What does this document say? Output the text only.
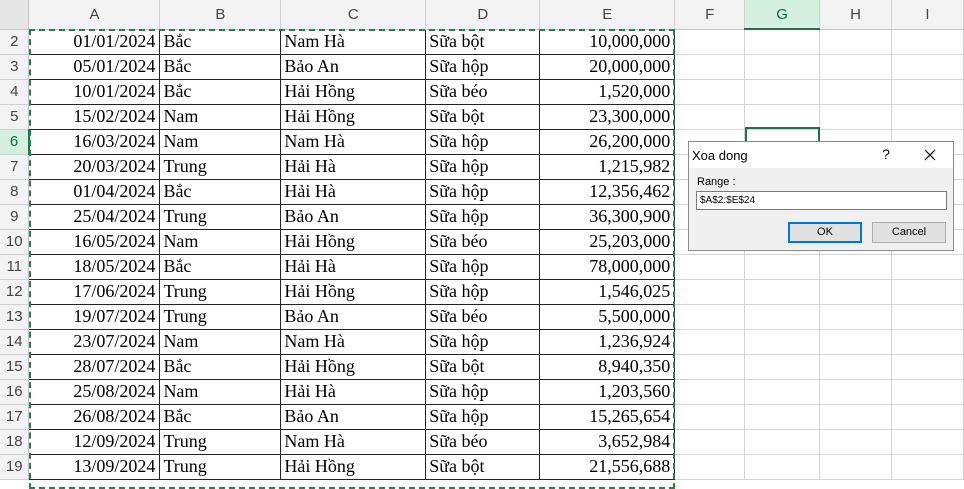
	A	B	C	D	E	F	G	H	I
2	01/01/2024	Bắc	Nam Hà	Sữa bột	10,000,000				
3	05/01/2024	Bắc	Bảo An	Sữa hộp	20,000,000				
4	10/01/2024	Bắc	Hải Hồng	Sữa béo	1,520,000				
5	15/02/2024	Nam	Hải Hồng	Sữa bột	23,300,000				
6	16/03/2024	Nam	Nam Hà	Sữa hộp	26,200,000				
7	20/03/2024	Trung	Hải Hà	Sữa hộp	1,215,982				
8	01/04/2024	Bắc	Hải Hà	Sữa hộp	12,356,462				
9	25/04/2024	Trung	Bảo An	Sữa hộp	36,300,900				
10	16/05/2024	Nam	Hải Hồng	Sữa béo	25,203,000				
11	18/05/2024	Bắc	Hải Hà	Sữa hộp	78,000,000				
12	17/06/2024	Trung	Hải Hồng	Sữa hộp	1,546,025				
13	19/07/2024	Trung	Bảo An	Sữa béo	5,500,000				
14	23/07/2024	Nam	Nam Hà	Sữa hộp	1,236,924				
15	28/07/2024	Bắc	Hải Hồng	Sữa bột	8,940,350				
16	25/08/2024	Nam	Hải Hà	Sữa hộp	1,203,560				
17	26/08/2024	Bắc	Bảo An	Sữa hộp	15,265,654				
18	12/09/2024	Trung	Nam Hà	Sữa béo	3,652,984				
19	13/09/2024	Trung	Hải Hồng	Sữa bột	21,556,688				
Xoa dong	?
Range :
$A$2:$E$24
OK	Cancel
